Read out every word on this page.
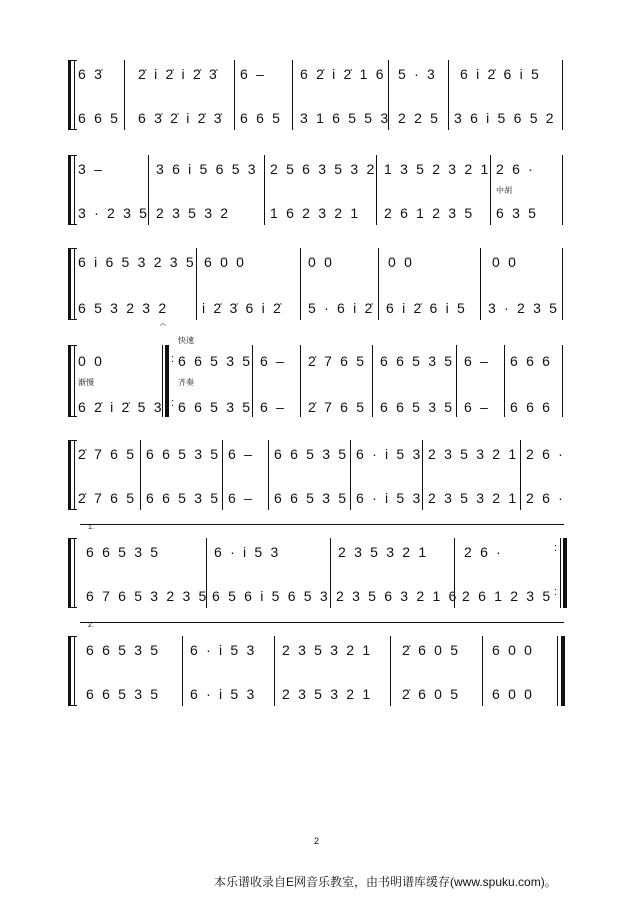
6 3̇
6 6 5
2̇ i 2̇ i 2̇ 3̇
6 3̇ 2̇ i 2̇ 3̇
6 –
6 6 5
6 2̇ i 2̇ 1 6
3 1 6 5 5 3
5 · 3
2 2 5
6 i 2̇ 6 i 5
3 6 i 5 6 5 2
3 –
3 · 2 3 5
3 6 i 5 6 5 3
2 3 5 3 2
2 5 6 3 5 3 2
1 6 2 3 2 1
1 3 5 2 3 2 1
2 6 1 2 3 5
2 6 ·
中胡
6 3 5
6 i 6 5 3 2 3 5
6 5 3 2 3 2
𝄐
6 0 0
i 2̇ 3̇ 6 i 2̇
0 0
5 · 6 i 2̇
0 0
6 i 2̇ 6 i 5
0 0
3 · 2 3 5
:
:
0 0
渐慢
6 2̇ i 2̇ 5 3
快速
6 6 5 3 5
齐奏
6 6 5 3 5
6 –
6 –
2̇ 7 6 5
2̇ 7 6 5
6 6 5 3 5
6 6 5 3 5
6 –
6 –
6 6 6
6 6 6
2̇ 7 6 5
2̇ 7 6 5
6 6 5 3 5
6 6 5 3 5
6 –
6 –
6 6 5 3 5
6 6 5 3 5
6 · i 5 3
6 · i 5 3
2 3 5 3 2 1
2 3 5 3 2 1
2 6 ·
2 6 ·
1.
:
:
6 6 5 3 5
6 7 6 5 3 2 3 5
6 · i 5 3
6 5 6 i 5 6 5 3
2 3 5 3 2 1
2 3 5 6 3 2 1 6
2 6 ·
2 6 1 2 3 5
2.
6 6 5 3 5
6 6 5 3 5
6 · i 5 3
6 · i 5 3
2 3 5 3 2 1
2 3 5 3 2 1
2̇ 6 0 5
2̇ 6 0 5
6 0 0
6 0 0
2
本乐谱收录自E网音乐教室，由书明谱库缓存(www.spuku.com)。
